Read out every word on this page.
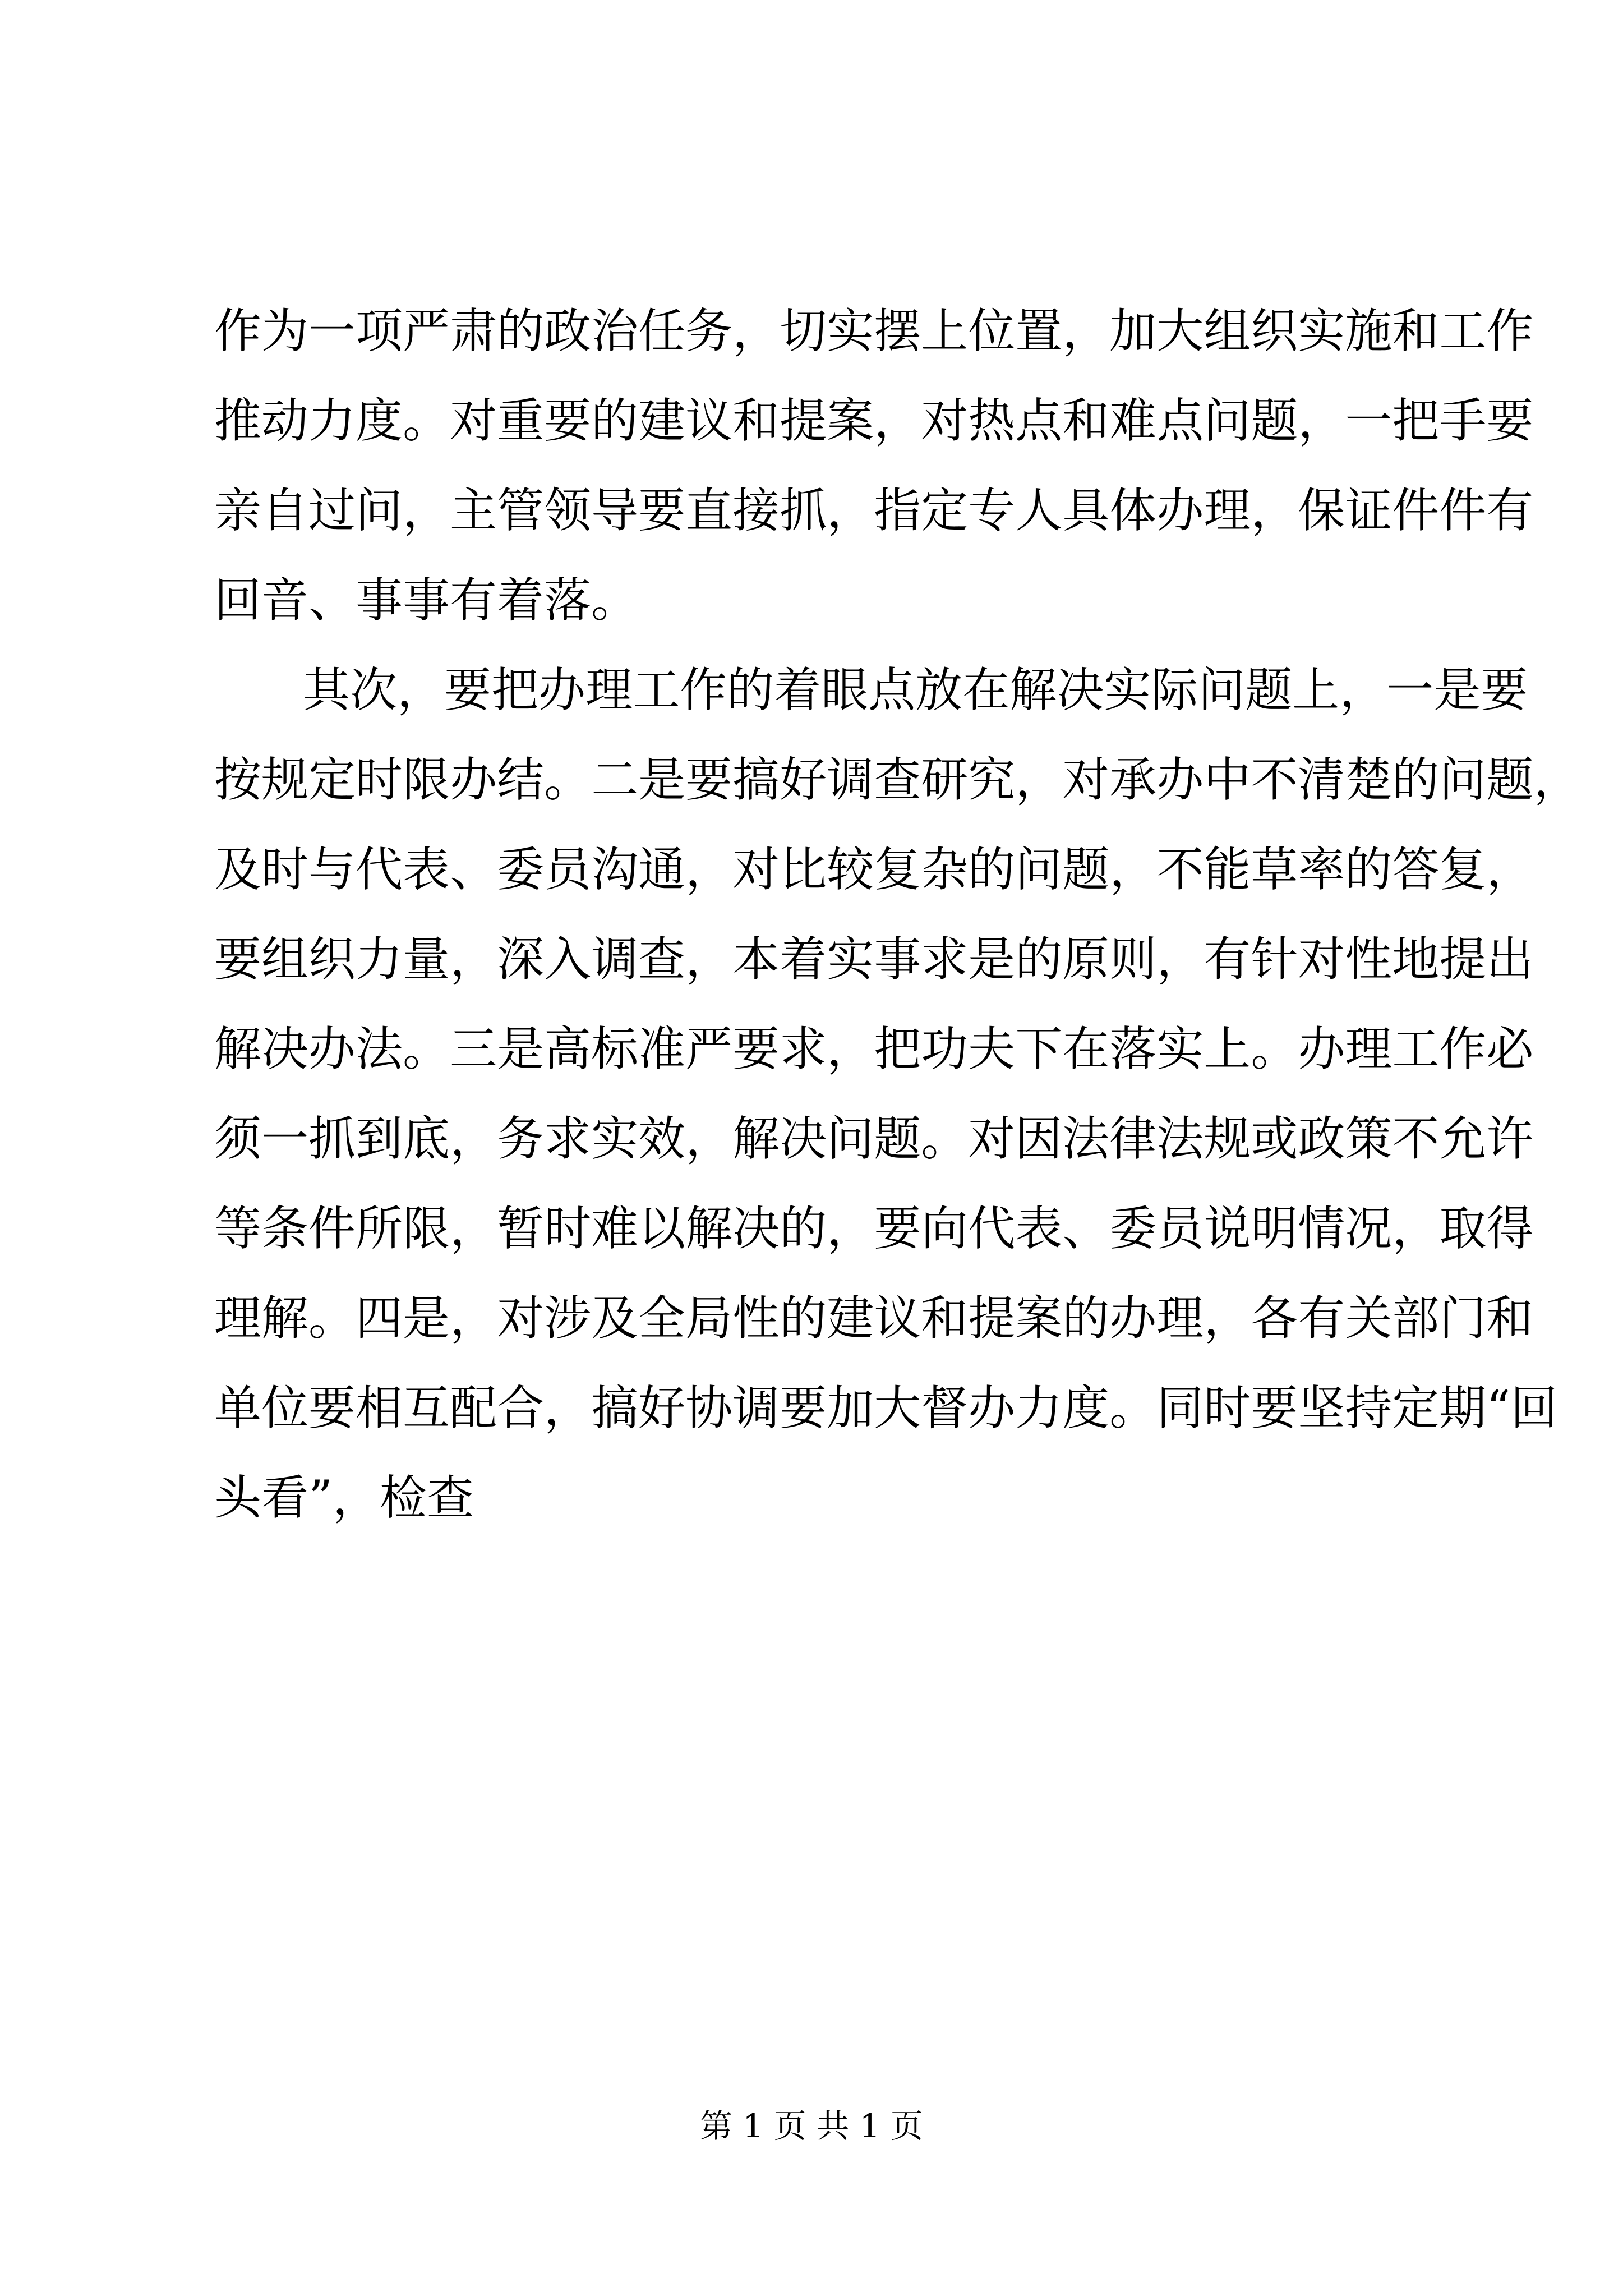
作 为 一 项 严 肃 的 政 治 任 务 ， 切 实 摆 上 位 置 ， 加 大 组 织 实 施 和 工 作

推 动 力 度 。 对 重 要 的 建 议 和 提 案 ， 对 热 点 和 难 点 问 题 ， 一 把 手 要

亲 自 过 问 ， 主 管 领 导 要 直 接 抓 ， 指 定 专 人 具 体 办 理 ， 保 证 件 件 有

回音、事事有着落。

其 次 ， 要 把 办 理 工 作 的 着 眼 点 放 在 解 决 实 际 问 题 上 ， 一 是 要

按 规 定 时 限 办 结 。 二 是 要 搞 好 调 查 研 究 ， 对 承 办 中 不 清 楚 的 问 题 ，

及 时 与 代 表 、 委 员 沟 通 ， 对 比 较 复 杂 的 问 题 ， 不 能 草 率 的 答 复 ，

要 组 织 力 量 ， 深 入 调 查 ， 本 着 实 事 求 是 的 原 则 ， 有 针 对 性 地 提 出

解 决 办 法 。 三 是 高 标 准 严 要 求 ， 把 功 夫 下 在 落 实 上 。 办 理 工 作 必

须 一 抓 到 底 ， 务 求 实 效 ， 解 决 问 题 。 对 因 法 律 法 规 或 政 策 不 允 许

等 条 件 所 限 ， 暂 时 难 以 解 决 的 ， 要 向 代 表 、 委 员 说 明 情 况 ， 取 得

理 解 。 四 是 ， 对 涉 及 全 局 性 的 建 议 和 提 案 的 办 理 ， 各 有 关 部 门 和

单 位 要 相 互 配 合 ， 搞 好 协 调 要 加 大 督 办 力 度 。 同 时 要 坚 持 定 期 “ 回

头看”，检查

第 1 页 共 1 页
